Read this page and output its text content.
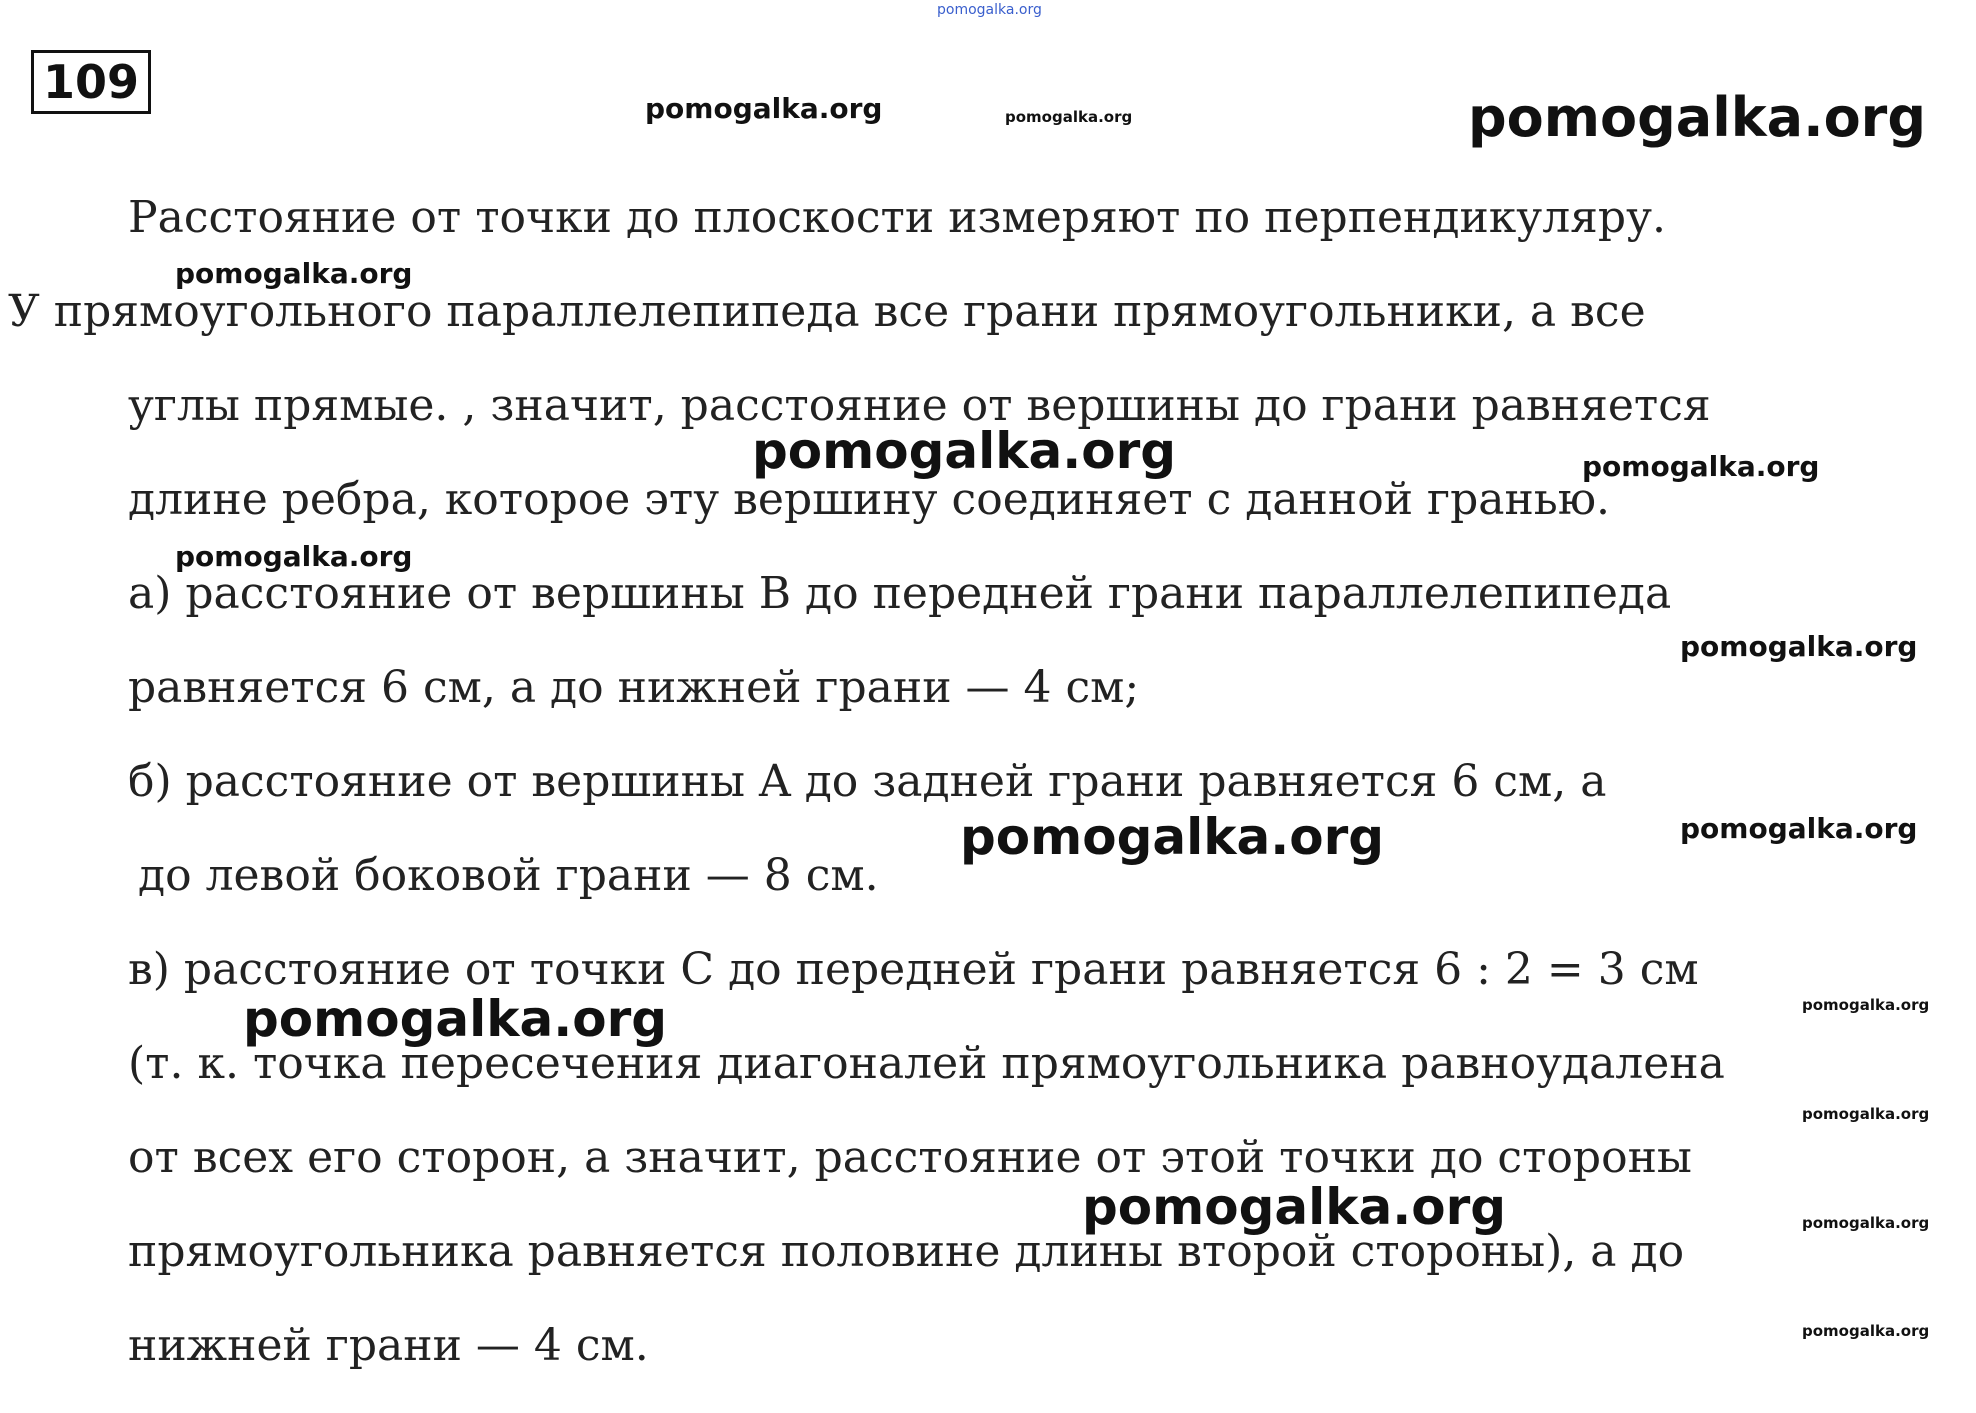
pomogalka.org
pomogalka.org	pomogalka.org	pomogalka.org
109
Расстояние от точки до плоскости измеряют по перпендикуляру.
pomogalka.org
У прямоугольного параллелепипеда все грани прямоугольники, а все
углы прямые. , значит, расстояние от вершины до грани равняется
pomogalka.org	pomogalka.org
длине ребра, которое эту вершину соединяет с данной гранью.
pomogalka.org
а) расстояние от вершины B до передней грани параллелепипеда
pomogalka.org
равняется 6 см, а до нижней грани — 4 см;
б) расстояние от вершины A до задней грани равняется 6 см, а
pomogalka.org	pomogalka.org
до левой боковой грани — 8 см.
в) расстояние от точки C до передней грани равняется 6 : 2 = 3 см
pomogalka.org	pomogalka.org
(т. к. точка пересечения диагоналей прямоугольника равноудалена
pomogalka.org
от всех его сторон, а значит, расстояние от этой точки до стороны
pomogalka.org	pomogalka.org
прямоугольника равняется половине длины второй стороны), а до
pomogalka.org
нижней грани — 4 см.
